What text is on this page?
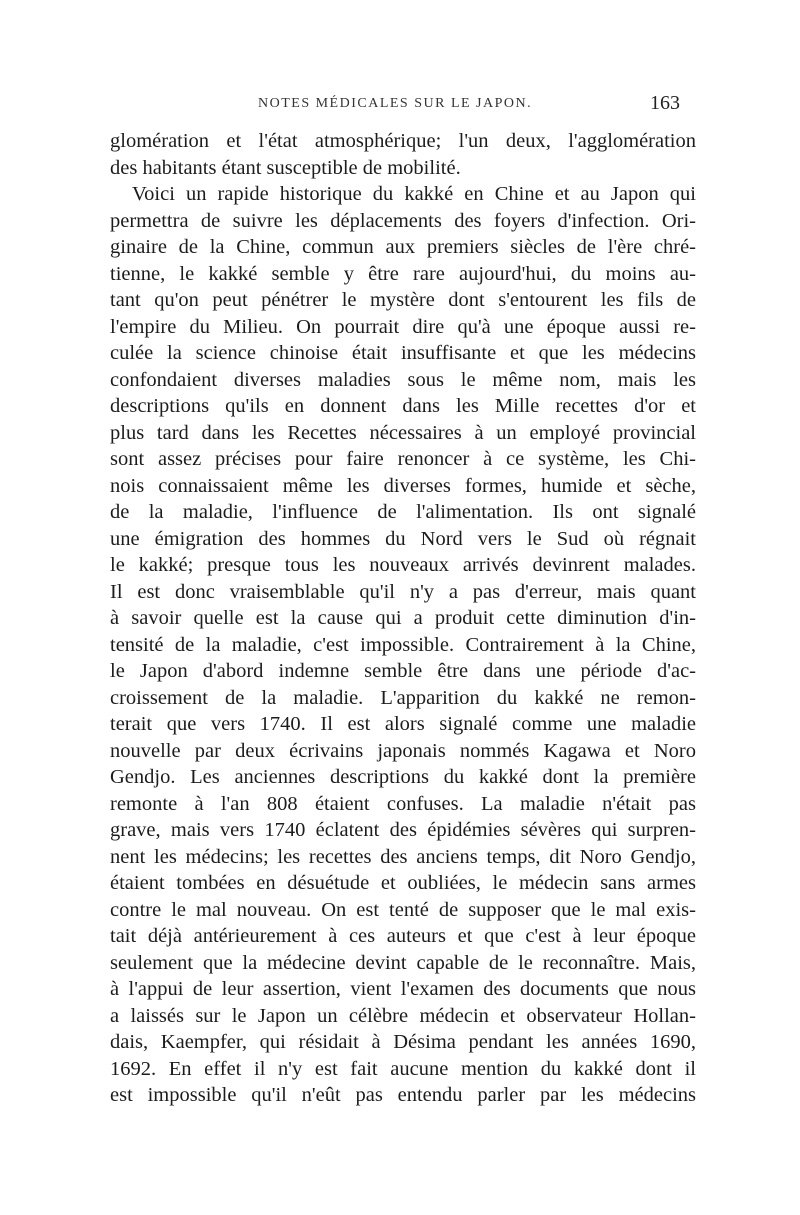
NOTES MÉDICALES SUR LE JAPON.	163
glomération et l'état atmosphérique; l'un deux, l'agglomération
des habitants étant susceptible de mobilité.
Voici un rapide historique du kakké en Chine et au Japon qui
permettra de suivre les déplacements des foyers d'infection. Ori-
ginaire de la Chine, commun aux premiers siècles de l'ère chré-
tienne, le kakké semble y être rare aujourd'hui, du moins au-
tant qu'on peut pénétrer le mystère dont s'entourent les fils de
l'empire du Milieu. On pourrait dire qu'à une époque aussi re-
culée la science chinoise était insuffisante et que les médecins
confondaient diverses maladies sous le même nom, mais les
descriptions qu'ils en donnent dans les Mille recettes d'or et
plus tard dans les Recettes nécessaires à un employé provincial
sont assez précises pour faire renoncer à ce système, les Chi-
nois connaissaient même les diverses formes, humide et sèche,
de la maladie, l'influence de l'alimentation. Ils ont signalé
une émigration des hommes du Nord vers le Sud où régnait
le kakké; presque tous les nouveaux arrivés devinrent malades.
Il est donc vraisemblable qu'il n'y a pas d'erreur, mais quant
à savoir quelle est la cause qui a produit cette diminution d'in-
tensité de la maladie, c'est impossible. Contrairement à la Chine,
le Japon d'abord indemne semble être dans une période d'ac-
croissement de la maladie. L'apparition du kakké ne remon-
terait que vers 1740. Il est alors signalé comme une maladie
nouvelle par deux écrivains japonais nommés Kagawa et Noro
Gendjo. Les anciennes descriptions du kakké dont la première
remonte à l'an 808 étaient confuses. La maladie n'était pas
grave, mais vers 1740 éclatent des épidémies sévères qui surpren-
nent les médecins; les recettes des anciens temps, dit Noro Gendjo,
étaient tombées en désuétude et oubliées, le médecin sans armes
contre le mal nouveau. On est tenté de supposer que le mal exis-
tait déjà antérieurement à ces auteurs et que c'est à leur époque
seulement que la médecine devint capable de le reconnaître. Mais,
à l'appui de leur assertion, vient l'examen des documents que nous
a laissés sur le Japon un célèbre médecin et observateur Hollan-
dais, Kaempfer, qui résidait à Désima pendant les années 1690,
1692. En effet il n'y est fait aucune mention du kakké dont il
est impossible qu'il n'eût pas entendu parler par les médecins
